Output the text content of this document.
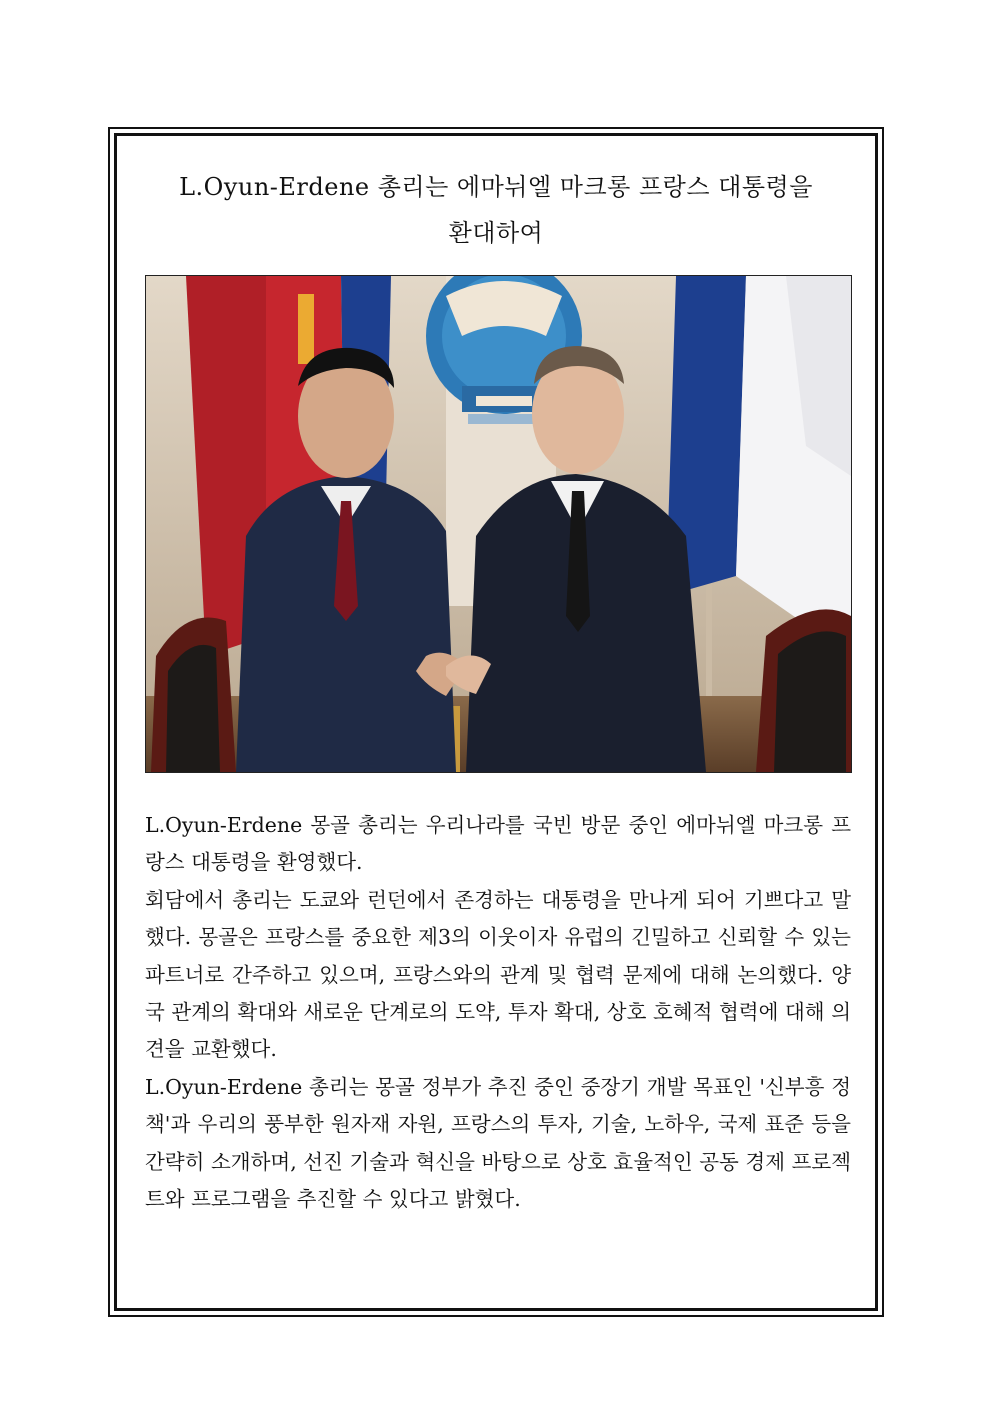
L.Oyun-Erdene 총리는 에마뉘엘 마크롱 프랑스 대통령을
환대하여

L.Oyun-Erdene 몽골 총리는 우리나라를 국빈 방문 중인 에마뉘엘 마크롱 프랑스 대통령을 환영했다.

회담에서 총리는 도쿄와 런던에서 존경하는 대통령을 만나게 되어 기쁘다고 말했다. 몽골은 프랑스를 중요한 제3의 이웃이자 유럽의 긴밀하고 신뢰할 수 있는 파트너로 간주하고 있으며, 프랑스와의 관계 및 협력 문제에 대해 논의했다. 양국 관계의 확대와 새로운 단계로의 도약, 투자 확대, 상호 호혜적 협력에 대해 의견을 교환했다.

L.Oyun-Erdene 총리는 몽골 정부가 추진 중인 중장기 개발 목표인 '신부흥 정책'과 우리의 풍부한 원자재 자원, 프랑스의 투자, 기술, 노하우, 국제 표준 등을 간략히 소개하며, 선진 기술과 혁신을 바탕으로 상호 효율적인 공동 경제 프로젝트와 프로그램을 추진할 수 있다고 밝혔다.
